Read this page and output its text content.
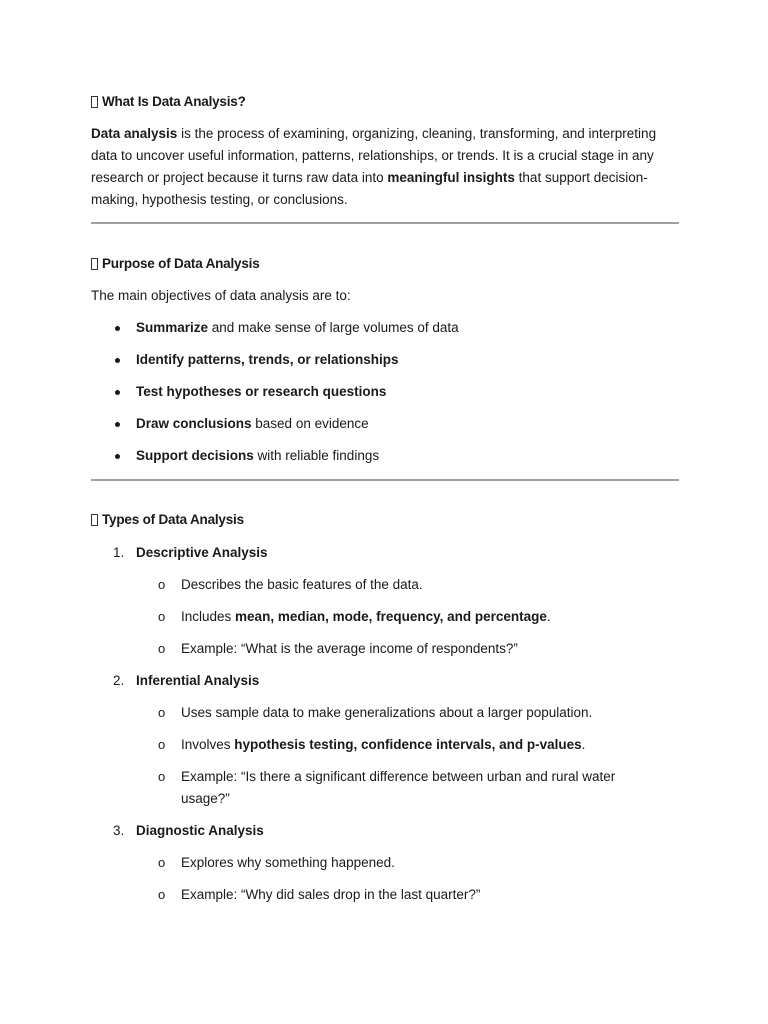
What Is Data Analysis?
Data analysis is the process of examining, organizing, cleaning, transforming, and interpreting data to uncover useful information, patterns, relationships, or trends. It is a crucial stage in any research or project because it turns raw data into meaningful insights that support decision-making, hypothesis testing, or conclusions.
Purpose of Data Analysis
The main objectives of data analysis are to:
Summarize and make sense of large volumes of data
Identify patterns, trends, or relationships
Test hypotheses or research questions
Draw conclusions based on evidence
Support decisions with reliable findings
Types of Data Analysis
1. Descriptive Analysis
o Describes the basic features of the data.
o Includes mean, median, mode, frequency, and percentage.
o Example: “What is the average income of respondents?”
2. Inferential Analysis
o Uses sample data to make generalizations about a larger population.
o Involves hypothesis testing, confidence intervals, and p-values.
o Example: “Is there a significant difference between urban and rural water usage?”
3. Diagnostic Analysis
o Explores why something happened.
o Example: “Why did sales drop in the last quarter?”
